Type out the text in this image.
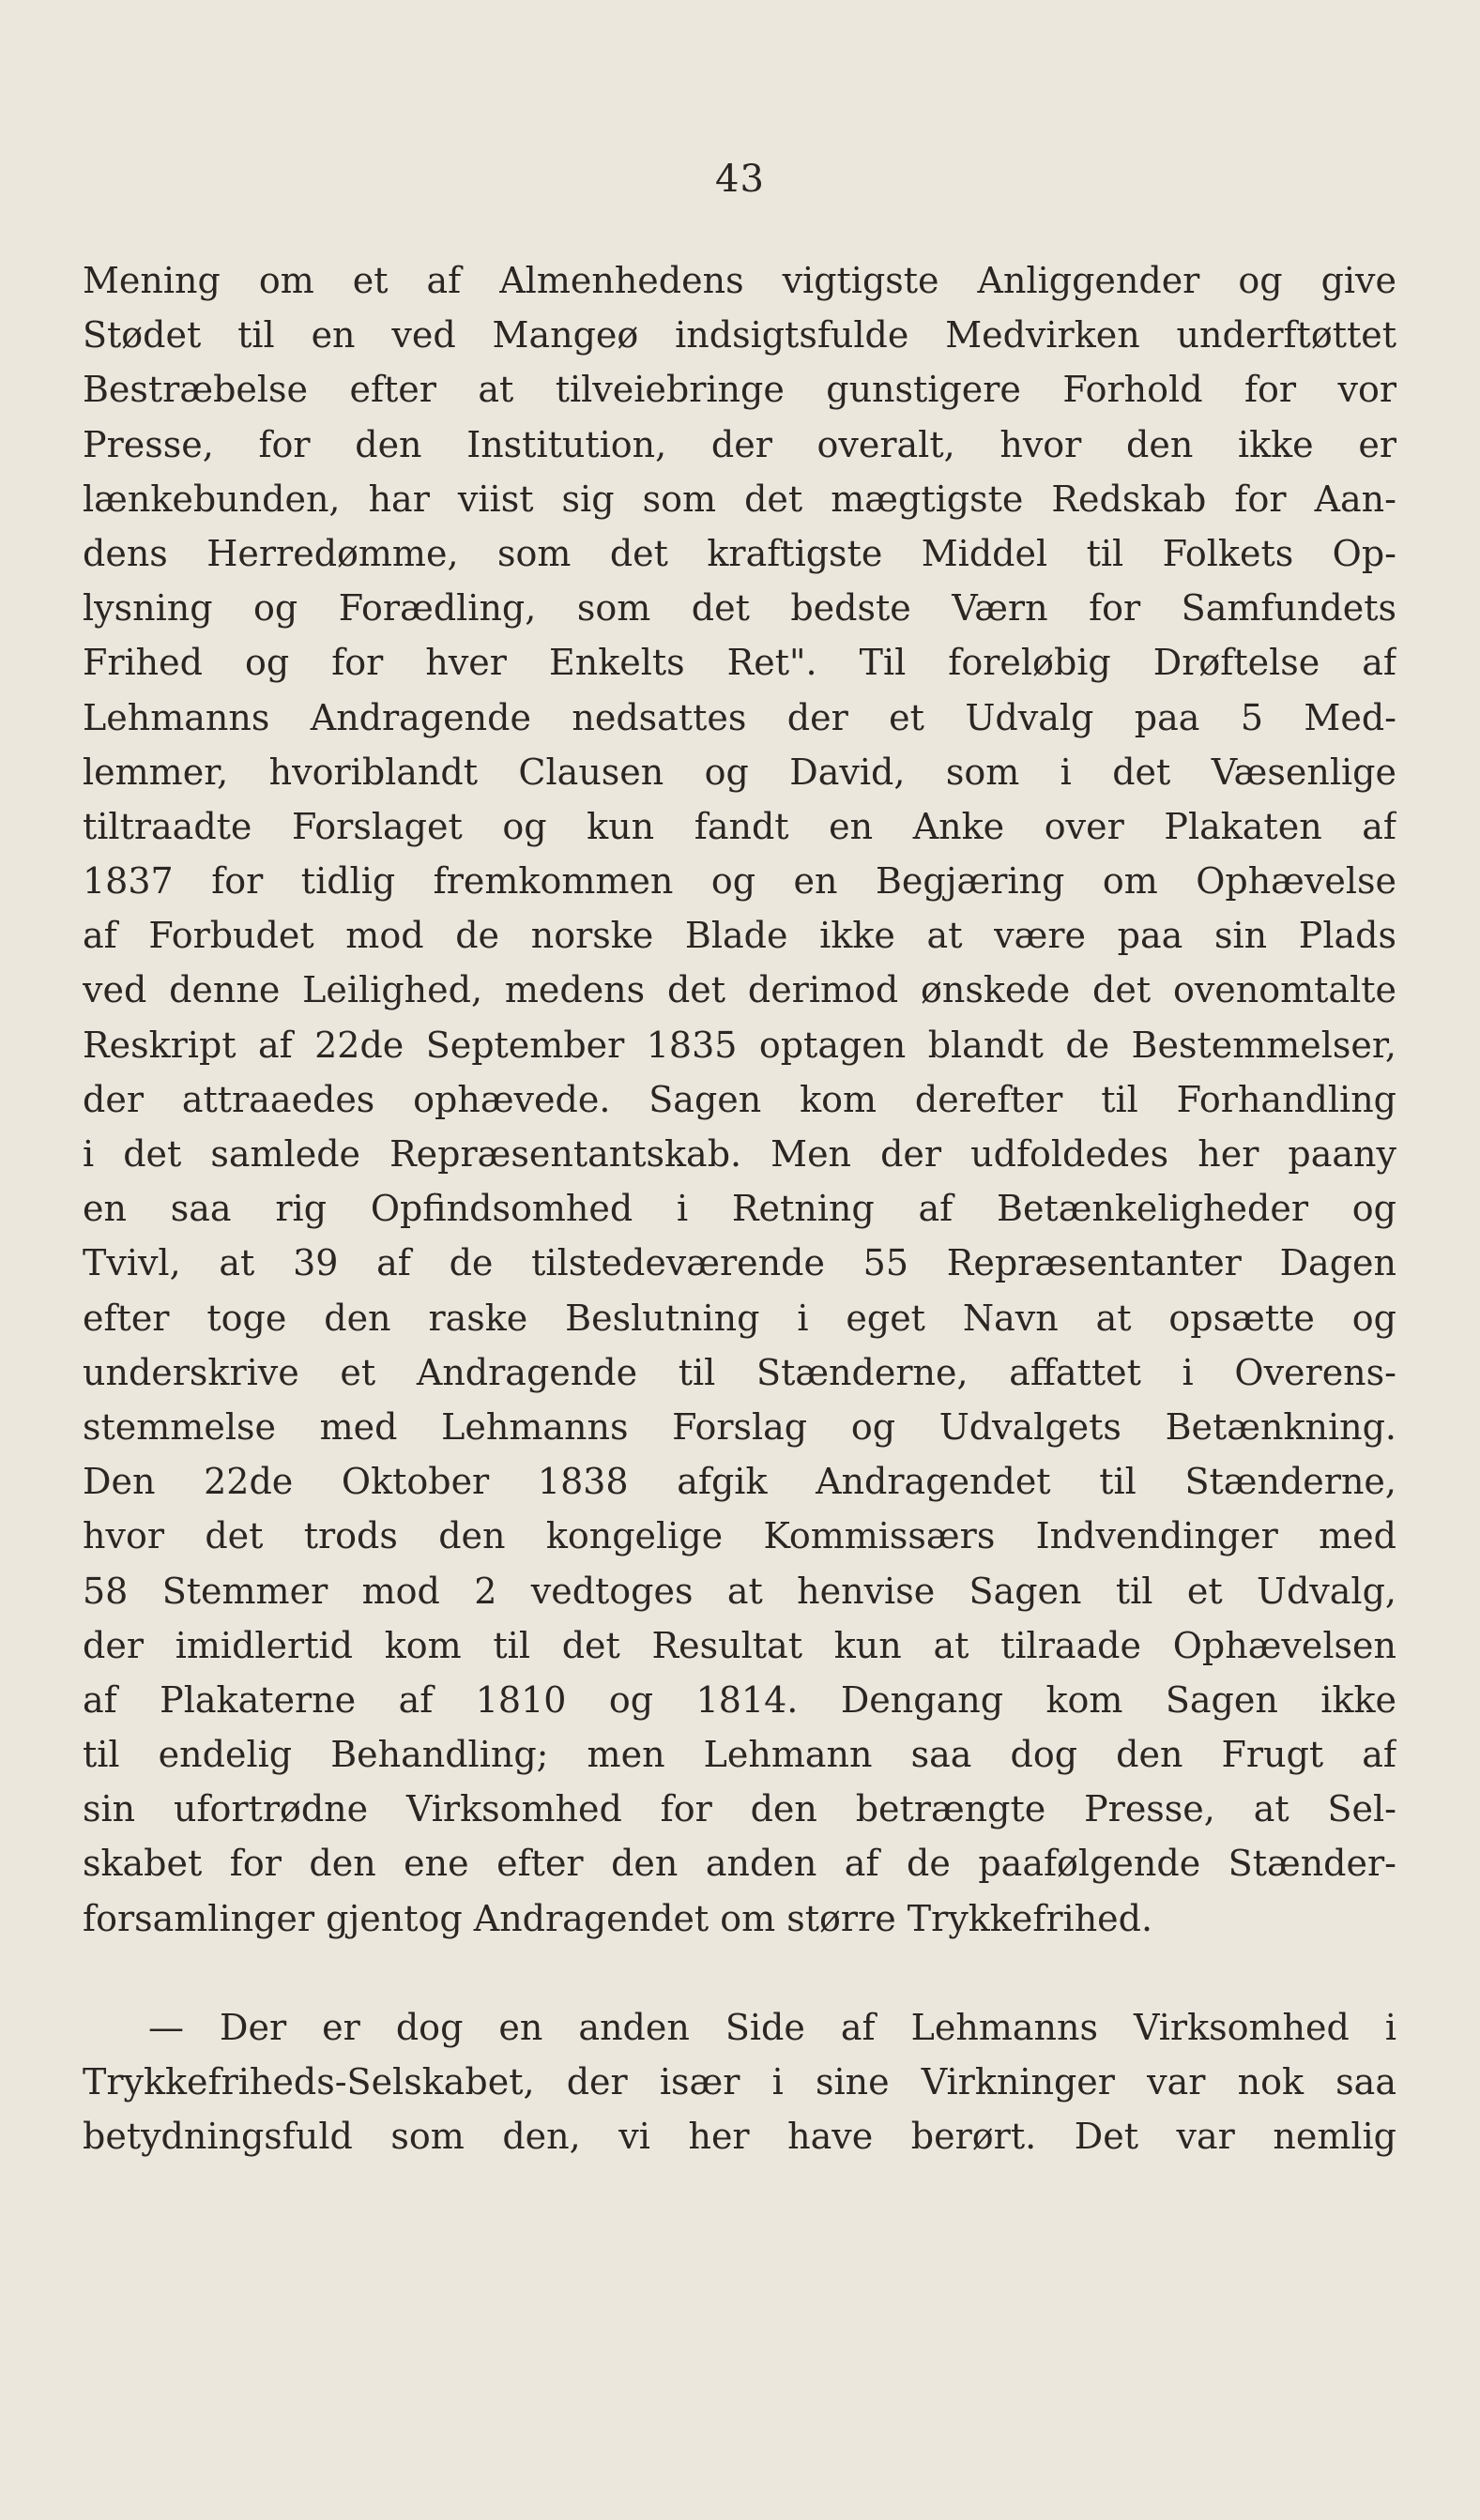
43
Mening om et af Almenhedens vigtigste Anliggender og give
Stødet til en ved Mangeø indsigtsfulde Medvirken underftøttet
Bestræbelse efter at tilveiebringe gunstigere Forhold for vor
Presse, for den Institution, der overalt, hvor den ikke er
lænkebunden, har viist sig som det mægtigste Redskab for Aan-
dens Herredømme, som det kraftigste Middel til Folkets Op-
lysning og Forædling, som det bedste Værn for Samfundets
Frihed og for hver Enkelts Ret". Til foreløbig Drøftelse af
Lehmanns Andragende nedsattes der et Udvalg paa 5 Med-
lemmer, hvoriblandt Clausen og David, som i det Væsenlige
tiltraadte Forslaget og kun fandt en Anke over Plakaten af
1837 for tidlig fremkommen og en Begjæring om Ophævelse
af Forbudet mod de norske Blade ikke at være paa sin Plads
ved denne Leilighed, medens det derimod ønskede det ovenomtalte
Reskript af 22de September 1835 optagen blandt de Bestemmelser,
der attraaedes ophævede. Sagen kom derefter til Forhandling
i det samlede Repræsentantskab. Men der udfoldedes her paany
en saa rig Opfindsomhed i Retning af Betænkeligheder og
Tvivl, at 39 af de tilstedeværende 55 Repræsentanter Dagen
efter toge den raske Beslutning i eget Navn at opsætte og
underskrive et Andragende til Stænderne, affattet i Overens-
stemmelse med Lehmanns Forslag og Udvalgets Betænkning.
Den 22de Oktober 1838 afgik Andragendet til Stænderne,
hvor det trods den kongelige Kommissærs Indvendinger med
58 Stemmer mod 2 vedtoges at henvise Sagen til et Udvalg,
der imidlertid kom til det Resultat kun at tilraade Ophævelsen
af Plakaterne af 1810 og 1814. Dengang kom Sagen ikke
til endelig Behandling; men Lehmann saa dog den Frugt af
sin ufortrødne Virksomhed for den betrængte Presse, at Sel-
skabet for den ene efter den anden af de paafølgende Stænder-
forsamlinger gjentog Andragendet om større Trykkefrihed.
— Der er dog en anden Side af Lehmanns Virksomhed i
Trykkefriheds-Selskabet, der især i sine Virkninger var nok saa
betydningsfuld som den, vi her have berørt. Det var nemlig
